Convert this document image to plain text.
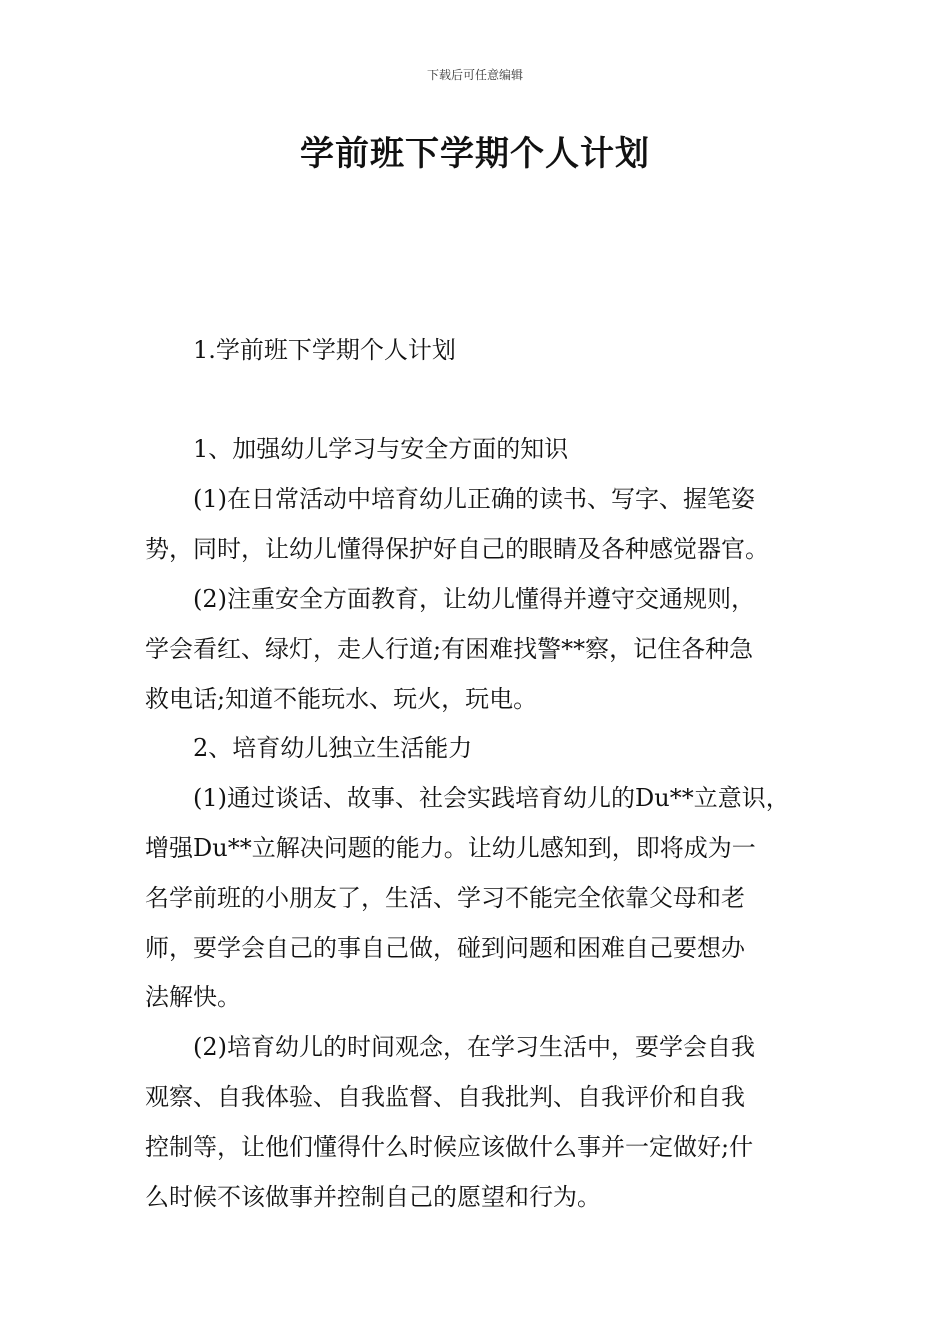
下载后可任意编辑
学前班下学期个人计划
1.学前班下学期个人计划
1、加强幼儿学习与安全方面的知识
(1)在日常活动中培育幼儿正确的读书、写字、握笔姿
势，同时，让幼儿懂得保护好自己的眼睛及各种感觉器官。
(2)注重安全方面教育，让幼儿懂得并遵守交通规则，
学会看红、绿灯，走人行道;有困难找警**察，记住各种急
救电话;知道不能玩水、玩火，玩电。
2、培育幼儿独立生活能力
(1)通过谈话、故事、社会实践培育幼儿的Du**立意识，
增强Du**立解决问题的能力。让幼儿感知到，即将成为一
名学前班的小朋友了，生活、学习不能完全依靠父母和老
师，要学会自己的事自己做，碰到问题和困难自己要想办
法解快。
(2)培育幼儿的时间观念，在学习生活中，要学会自我
观察、自我体验、自我监督、自我批判、自我评价和自我
控制等，让他们懂得什么时候应该做什么事并一定做好;什
么时候不该做事并控制自己的愿望和行为。
